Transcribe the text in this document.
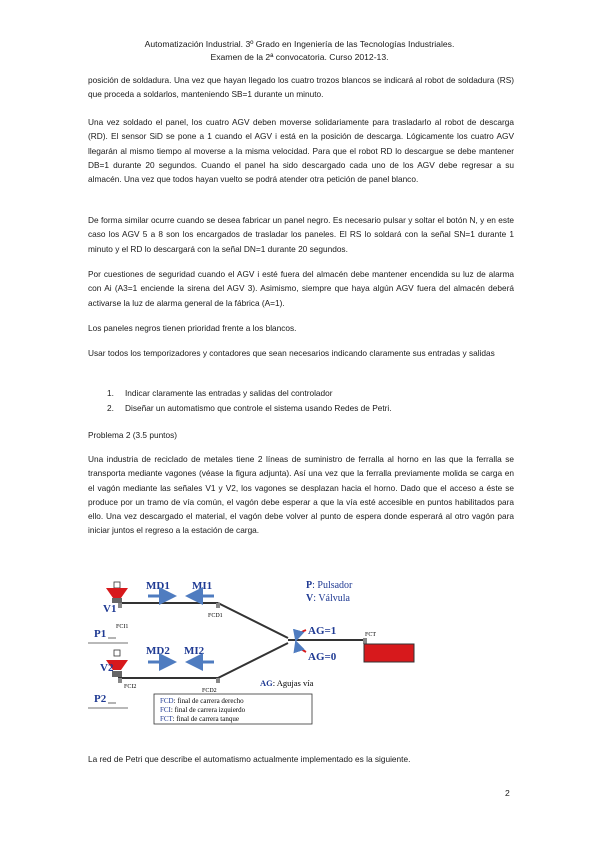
Automatización Industrial. 3º Grado en Ingeniería de las Tecnologías Industriales.
Examen de la 2ª convocatoria. Curso 2012-13.
posición de soldadura. Una vez que hayan llegado los cuatro trozos blancos se indicará al robot de soldadura (RS) que proceda a soldarlos, manteniendo SB=1 durante un minuto.
Una vez soldado el panel, los cuatro AGV deben moverse solidariamente para trasladarlo al robot de descarga (RD). El sensor SiD se pone a 1 cuando el AGV i está en la posición de descarga. Lógicamente los cuatro AGV llegarán al mismo tiempo al moverse a la misma velocidad. Para que el robot RD lo descargue se debe mantener DB=1 durante 20 segundos. Cuando el panel ha sido descargado cada uno de los AGV debe regresar a su almacén. Una vez que todos hayan vuelto se podrá atender otra petición de panel blanco.
De forma similar ocurre cuando se desea fabricar un panel negro. Es necesario pulsar y soltar el botón N, y en este caso los AGV 5 a 8 son los encargados de trasladar los paneles. El RS lo soldará con la señal SN=1 durante 1 minuto y el RD lo descargará con la señal DN=1 durante 20 segundos.
Por cuestiones de seguridad cuando el AGV i esté fuera del almacén debe mantener encendida su luz de alarma con Ai (A3=1 enciende la sirena del AGV 3). Asimismo, siempre que haya algún AGV fuera del almacén deberá activarse la luz de alarma general de la fábrica (A=1).
Los paneles negros tienen prioridad frente a los blancos.
Usar todos los temporizadores y contadores que sean necesarios indicando claramente sus entradas y salidas
1. Indicar claramente las entradas y salidas del controlador
2. Diseñar un automatismo que controle el sistema usando Redes de Petri.
Problema 2 (3.5 puntos)
Una industria de reciclado de metales tiene 2 líneas de suministro de ferralla al horno en las que la ferralla se transporta mediante vagones (véase la figura adjunta). Así una vez que la ferralla previamente molida se carga en el vagón mediante las señales V1 y V2, los vagones se desplazan hacia el horno. Dado que el acceso a éste se produce por un tramo de vía común, el vagón debe esperar a que la vía esté accesible en puntos habilitados para ello. Una vez descargado el material, el vagón debe volver al punto de espera donde esperará al otro vagón para iniciar juntos el regreso a la estación de carga.
V1
FCI1
MD1 MI1
FCD1
P1
V2
FCI2
MD2 MI2
FCD2
P2
AG=1
AG=0
FCT
P: Pulsador
V: Válvula
AG: Agujas vía
FCD: final de carrera derecho
FCI: final de carrera izquierdo
FCT: final de carrera tanque
La red de Petri que describe el automatismo actualmente implementado es la siguiente.
2
